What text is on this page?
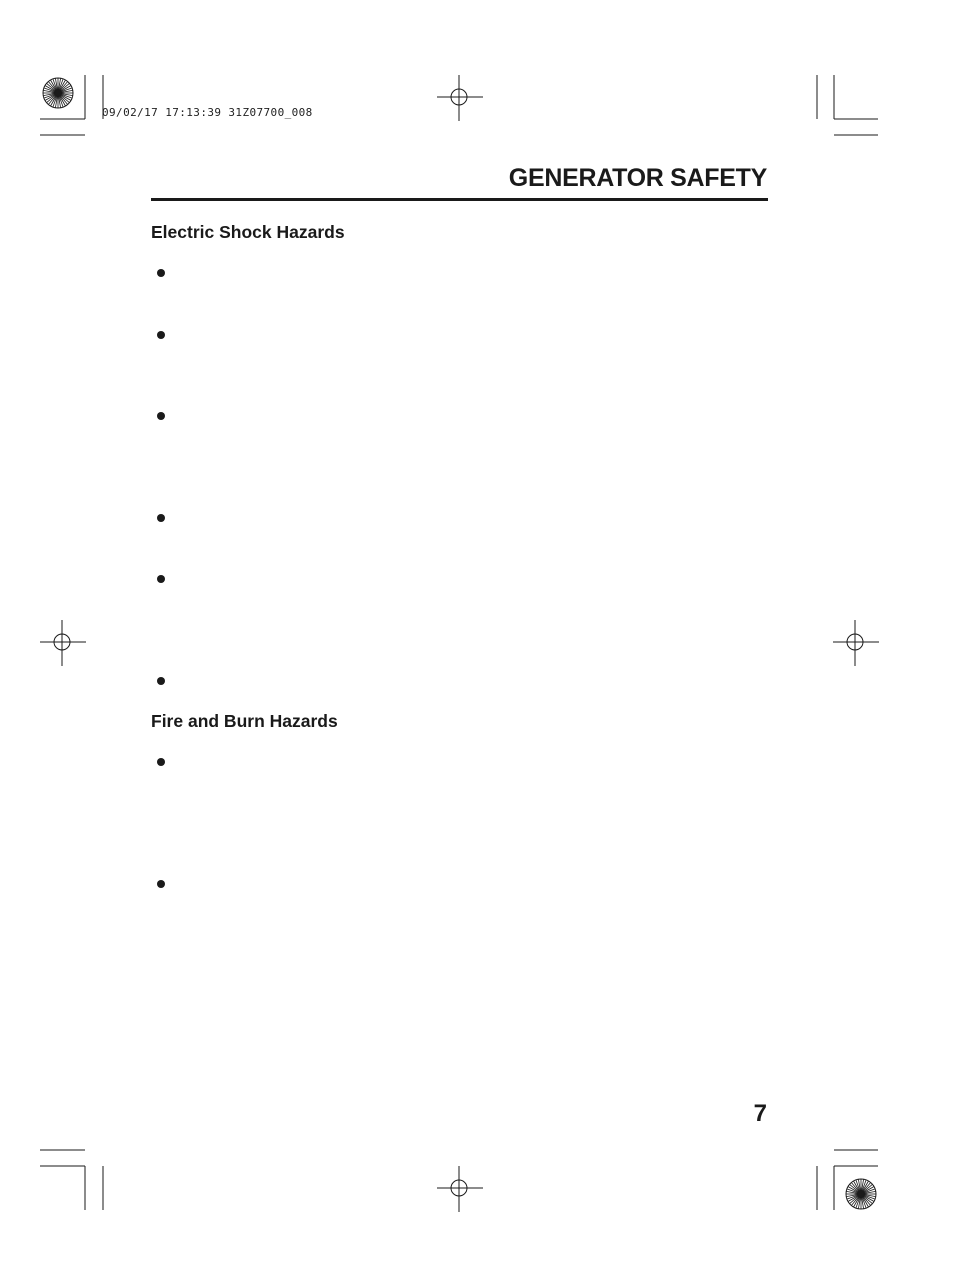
09/02/17 17:13:39 31Z07700_008
GENERATOR SAFETY
Electric Shock Hazards
Fire and Burn Hazards
7
